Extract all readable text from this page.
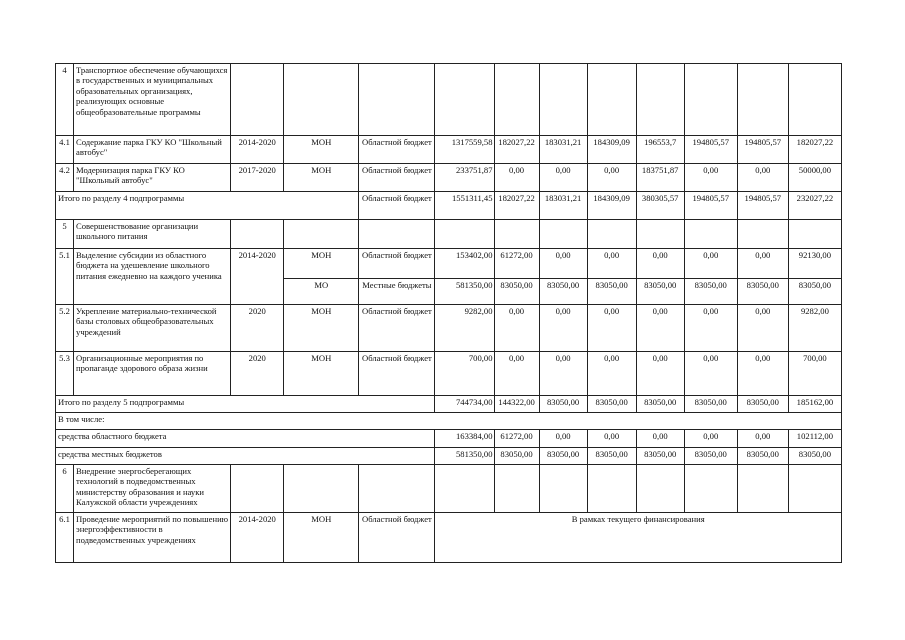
4	Транспортное обеспечение обучающихся в государственных и муниципальных образовательных организациях, реализующих основные общеобразовательные программы											
4.1	Содержание парка ГКУ КО "Школьный автобус"	2014-2020	МОН	Областной бюджет	1317559,58	182027,22	183031,21	184309,09	196553,7	194805,57	194805,57	182027,22
4.2	Модернизация парка ГКУ КО "Школьный автобус"	2017-2020	МОН	Областной бюджет	233751,87	0,00	0,00	0,00	183751,87	0,00	0,00	50000,00
Итого по разделу 4 подпрограммы				Областной бюджет	1551311,45	182027,22	183031,21	184309,09	380305,57	194805,57	194805,57	232027,22
5	Совершенствование организации школьного питания											
5.1	Выделение субсидии из областного бюджета на удешевление школьного питания ежедневно на каждого ученика	2014-2020	МОН	Областной бюджет	153402,00	61272,00	0,00	0,00	0,00	0,00	0,00	92130,00
			МО	Местные бюджеты	581350,00	83050,00	83050,00	83050,00	83050,00	83050,00	83050,00	83050,00
5.2	Укрепление материально-технической базы столовых общеобразовательных учреждений	2020	МОН	Областной бюджет	9282,00	0,00	0,00	0,00	0,00	0,00	0,00	9282,00
5.3	Организационные мероприятия по пропаганде здорового образа жизни	2020	МОН	Областной бюджет	700,00	0,00	0,00	0,00	0,00	0,00	0,00	700,00
Итого по разделу 5 подпрограммы					744734,00	144322,00	83050,00	83050,00	83050,00	83050,00	83050,00	185162,00
В том числе:												
средства областного бюджета					163384,00	61272,00	0,00	0,00	0,00	0,00	0,00	102112,00
средства местных бюджетов					581350,00	83050,00	83050,00	83050,00	83050,00	83050,00	83050,00	83050,00
6	Внедрение энергосберегающих технологий в подведомственных министерству образования и науки Калужской области учреждениях											
6.1	Проведение мероприятий по повышению энергоэффективности в подведомственных учреждениях	2014-2020	МОН	Областной бюджет	В рамках текущего финансирования							
